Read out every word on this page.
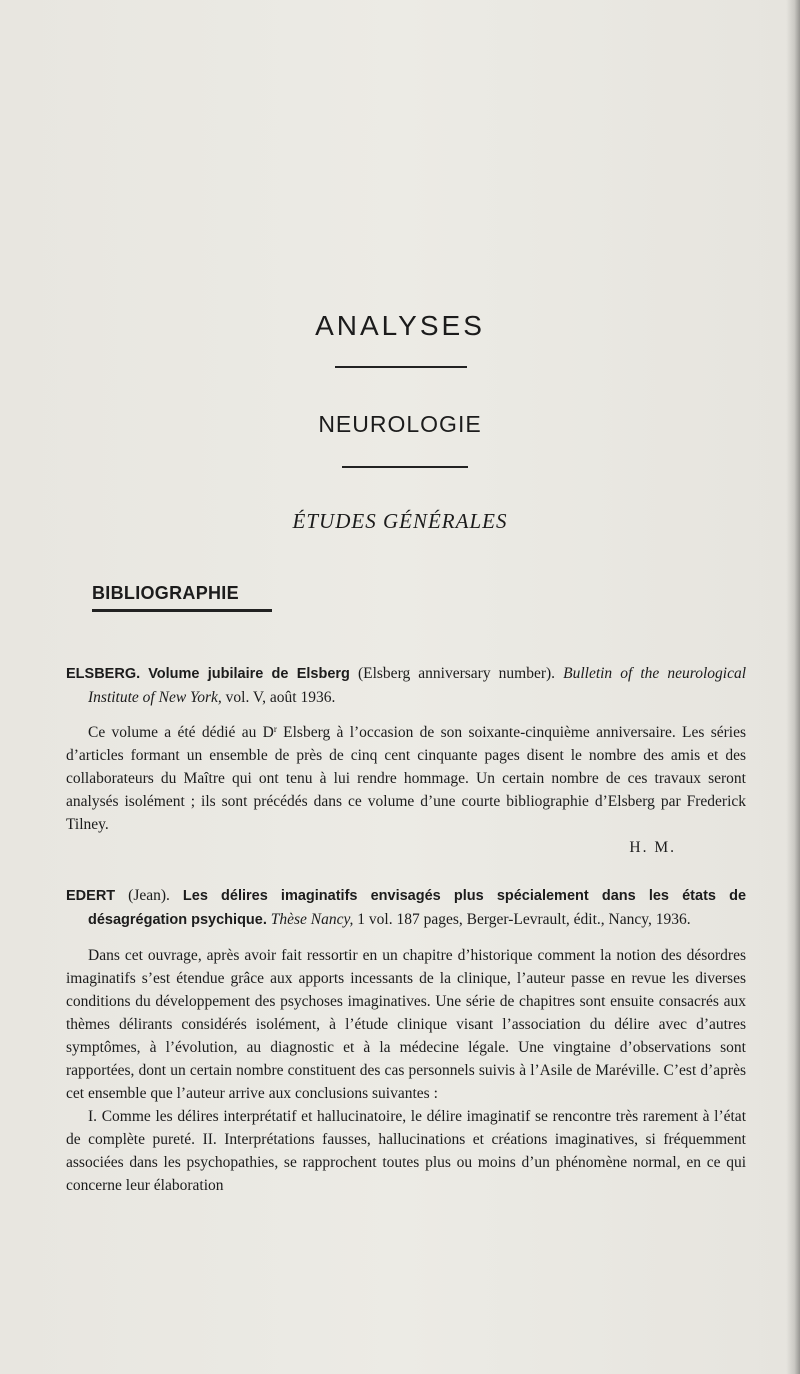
ANALYSES
NEUROLOGIE
ÉTUDES GÉNÉRALES
BIBLIOGRAPHIE
ELSBERG. Volume jubilaire de Elsberg (Elsberg anniversary number). Bulletin of the neurological Institute of New York, vol. V, août 1936.

Ce volume a été dédié au $D^r$ Elsberg à l’occasion de son soixante-cinquième anniversaire. Les séries d’articles formant un ensemble de près de cinq cent cinquante pages disent le nombre des amis et des collaborateurs du Maître qui ont tenu à lui rendre hommage. Un certain nombre de ces travaux seront analysés isolément ; ils sont précédés dans ce volume d’une courte bibliographie d’Elsberg par Frederick Tilney.

H. M.
EDERT (Jean). Les délires imaginatifs envisagés plus spécialement dans les états de désagrégation psychique. Thèse Nancy, 1 vol. 187 pages, Berger-Levrault, édit., Nancy, 1936.

Dans cet ouvrage, après avoir fait ressortir en un chapitre d’historique comment la notion des désordres imaginatifs s’est étendue grâce aux apports incessants de la clinique, l’auteur passe en revue les diverses conditions du développement des psychoses imaginatives. Une série de chapitres sont ensuite consacrés aux thèmes délirants considérés isolément, à l’étude clinique visant l’association du délire avec d’autres symptômes, à l’évolution, au diagnostic et à la médecine légale. Une vingtaine d’observations sont rapportées, dont un certain nombre constituent des cas personnels suivis à l’Asile de Maréville. C’est d’après cet ensemble que l’auteur arrive aux conclusions suivantes :

I. Comme les délires interprétatif et hallucinatoire, le délire imaginatif se rencontre très rarement à l’état de complète pureté. II. Interprétations fausses, hallucinations et créations imaginatives, si fréquemment associées dans les psychopathies, se rapprochent toutes plus ou moins d’un phénomène normal, en ce qui concerne leur élaboration
